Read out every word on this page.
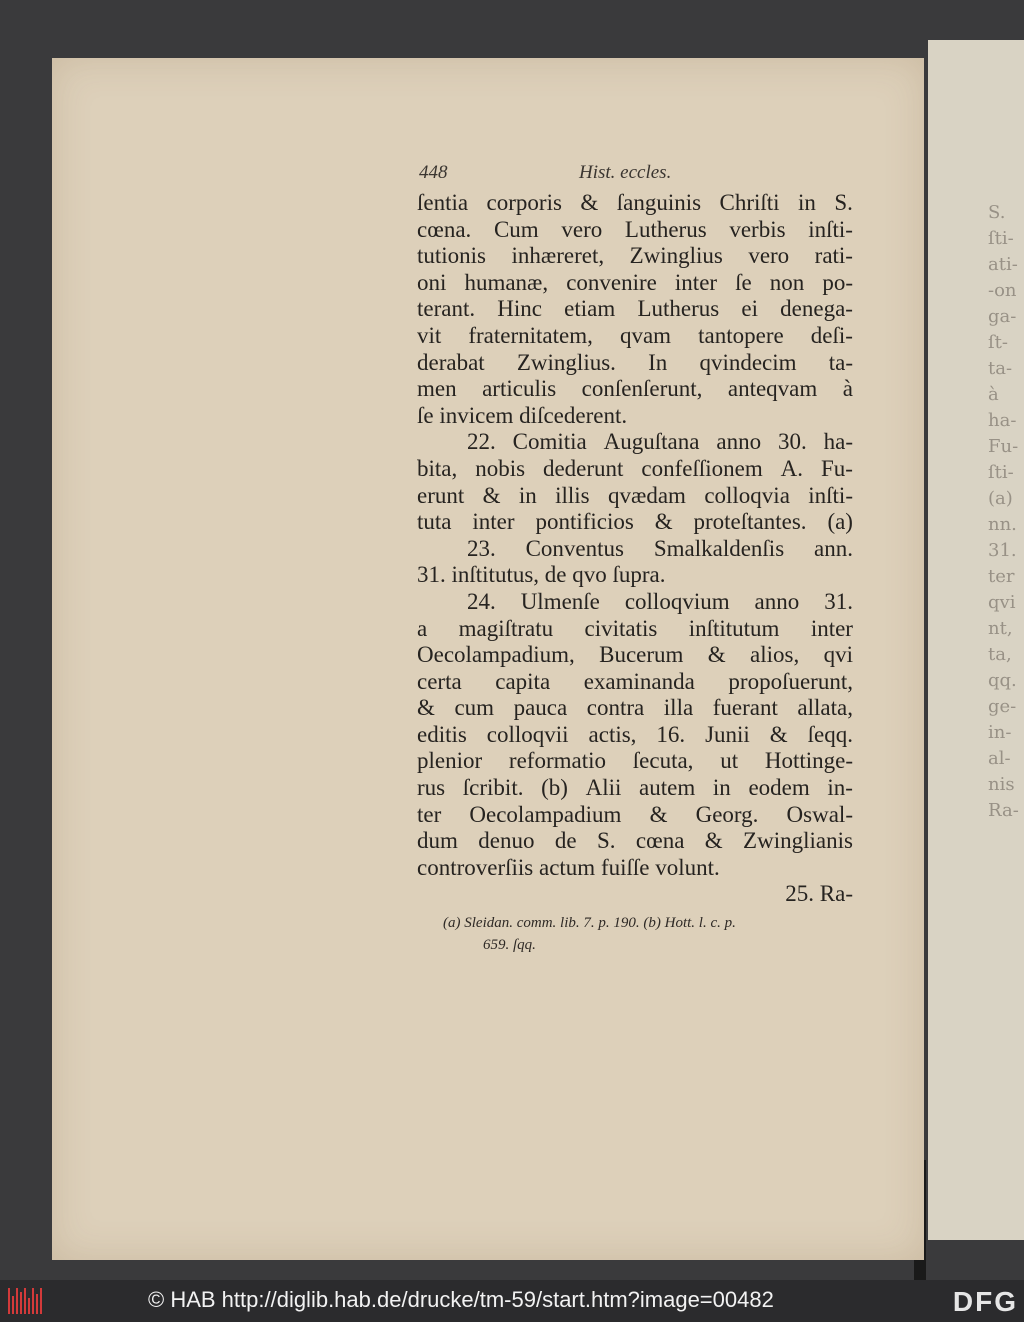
S.
ſti-
ati-
-on
ga-
ſt-
ta-
à
ha-
Fu-
ſti-
(a)
nn.
31.
ter
qvi
nt,
ta,
qq.
ge-
in-
al-
nis
Ra-
448	Hist. eccles.
ſentia corporis & ſanguinis Chriſti in S.
cœna. Cum vero Lutherus verbis inſti-
tutionis inhæreret, Zwinglius vero rati-
oni humanæ, convenire inter ſe non po-
terant. Hinc etiam Lutherus ei denega-
vit fraternitatem, qvam tantopere deſi-
derabat Zwinglius. In qvindecim ta-
men articulis conſenſerunt, anteqvam à
ſe invicem diſcederent.
22. Comitia Auguſtana anno 30. ha-
bita, nobis dederunt confeſſionem A. Fu-
erunt & in illis qvædam colloqvia inſti-
tuta inter pontificios & proteſtantes. (a)
23. Conventus Smalkaldenſis ann.
31. inſtitutus, de qvo ſupra.
24. Ulmenſe colloqvium anno 31.
a magiſtratu civitatis inſtitutum inter
Oecolampadium, Bucerum & alios, qvi
certa capita examinanda propoſuerunt,
& cum pauca contra illa fuerant allata,
editis colloqvii actis, 16. Junii & ſeqq.
plenior reformatio ſecuta, ut Hottinge-
rus ſcribit. (b) Alii autem in eodem in-
ter Oecolampadium & Georg. Oswal-
dum denuo de S. cœna & Zwinglianis
controverſiis actum fuiſſe volunt.
25. Ra-
(a) Sleidan. comm. lib. 7. p. 190. (b) Hott. l. c. p.
659. ſqq.
© HAB http://diglib.hab.de/drucke/tm-59/start.htm?image=00482	DFG
